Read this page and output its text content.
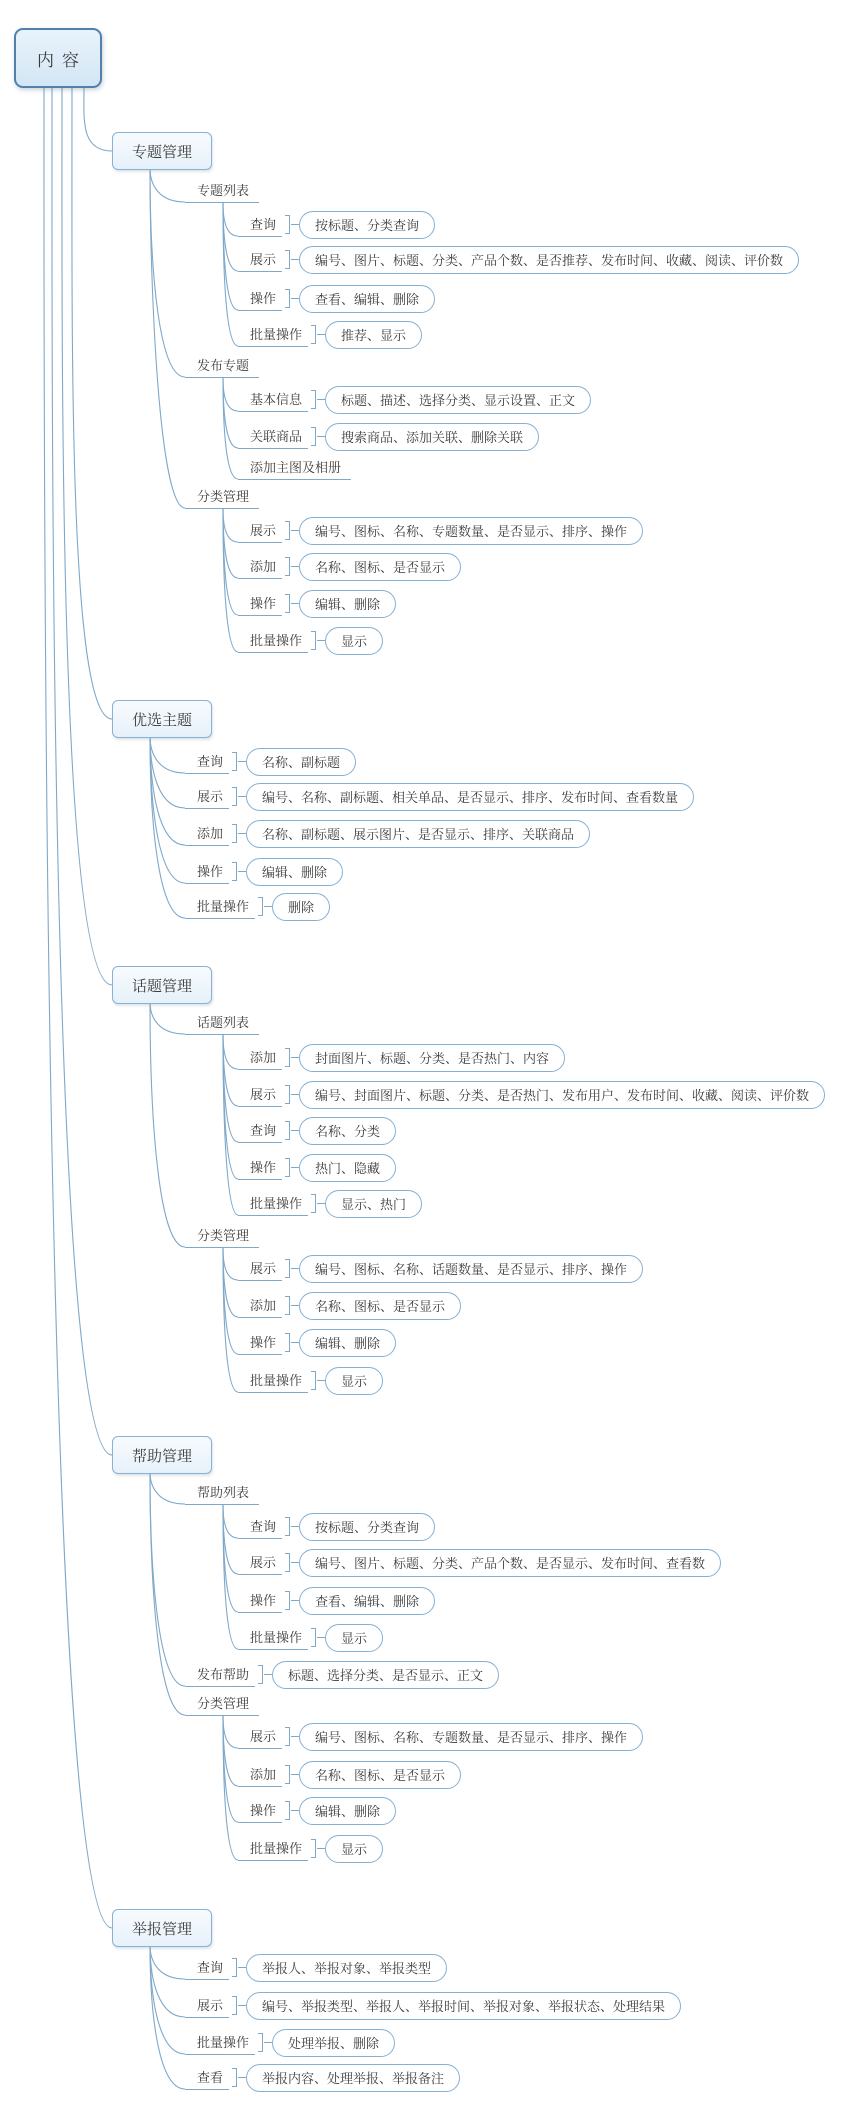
内容
专题管理
专题列表
查询	按标题、分类查询
展示	编号、图片、标题、分类、产品个数、是否推荐、发布时间、收藏、阅读、评价数
操作	查看、编辑、删除
批量操作	推荐、显示
发布专题
基本信息	标题、描述、选择分类、显示设置、正文
关联商品	搜索商品、添加关联、删除关联
添加主图及相册
分类管理
展示	编号、图标、名称、专题数量、是否显示、排序、操作
添加	名称、图标、是否显示
操作	编辑、删除
批量操作	显示
优选主题
查询	名称、副标题
展示	编号、名称、副标题、相关单品、是否显示、排序、发布时间、查看数量
添加	名称、副标题、展示图片、是否显示、排序、关联商品
操作	编辑、删除
批量操作	删除
话题管理
话题列表
添加	封面图片、标题、分类、是否热门、内容
展示	编号、封面图片、标题、分类、是否热门、发布用户、发布时间、收藏、阅读、评价数
查询	名称、分类
操作	热门、隐藏
批量操作	显示、热门
分类管理
展示	编号、图标、名称、话题数量、是否显示、排序、操作
添加	名称、图标、是否显示
操作	编辑、删除
批量操作	显示
帮助管理
帮助列表
查询	按标题、分类查询
展示	编号、图片、标题、分类、产品个数、是否显示、发布时间、查看数
操作	查看、编辑、删除
批量操作	显示
发布帮助	标题、选择分类、是否显示、正文
分类管理
展示	编号、图标、名称、专题数量、是否显示、排序、操作
添加	名称、图标、是否显示
操作	编辑、删除
批量操作	显示
举报管理
查询	举报人、举报对象、举报类型
展示	编号、举报类型、举报人、举报时间、举报对象、举报状态、处理结果
批量操作	处理举报、删除
查看	举报内容、处理举报、举报备注
